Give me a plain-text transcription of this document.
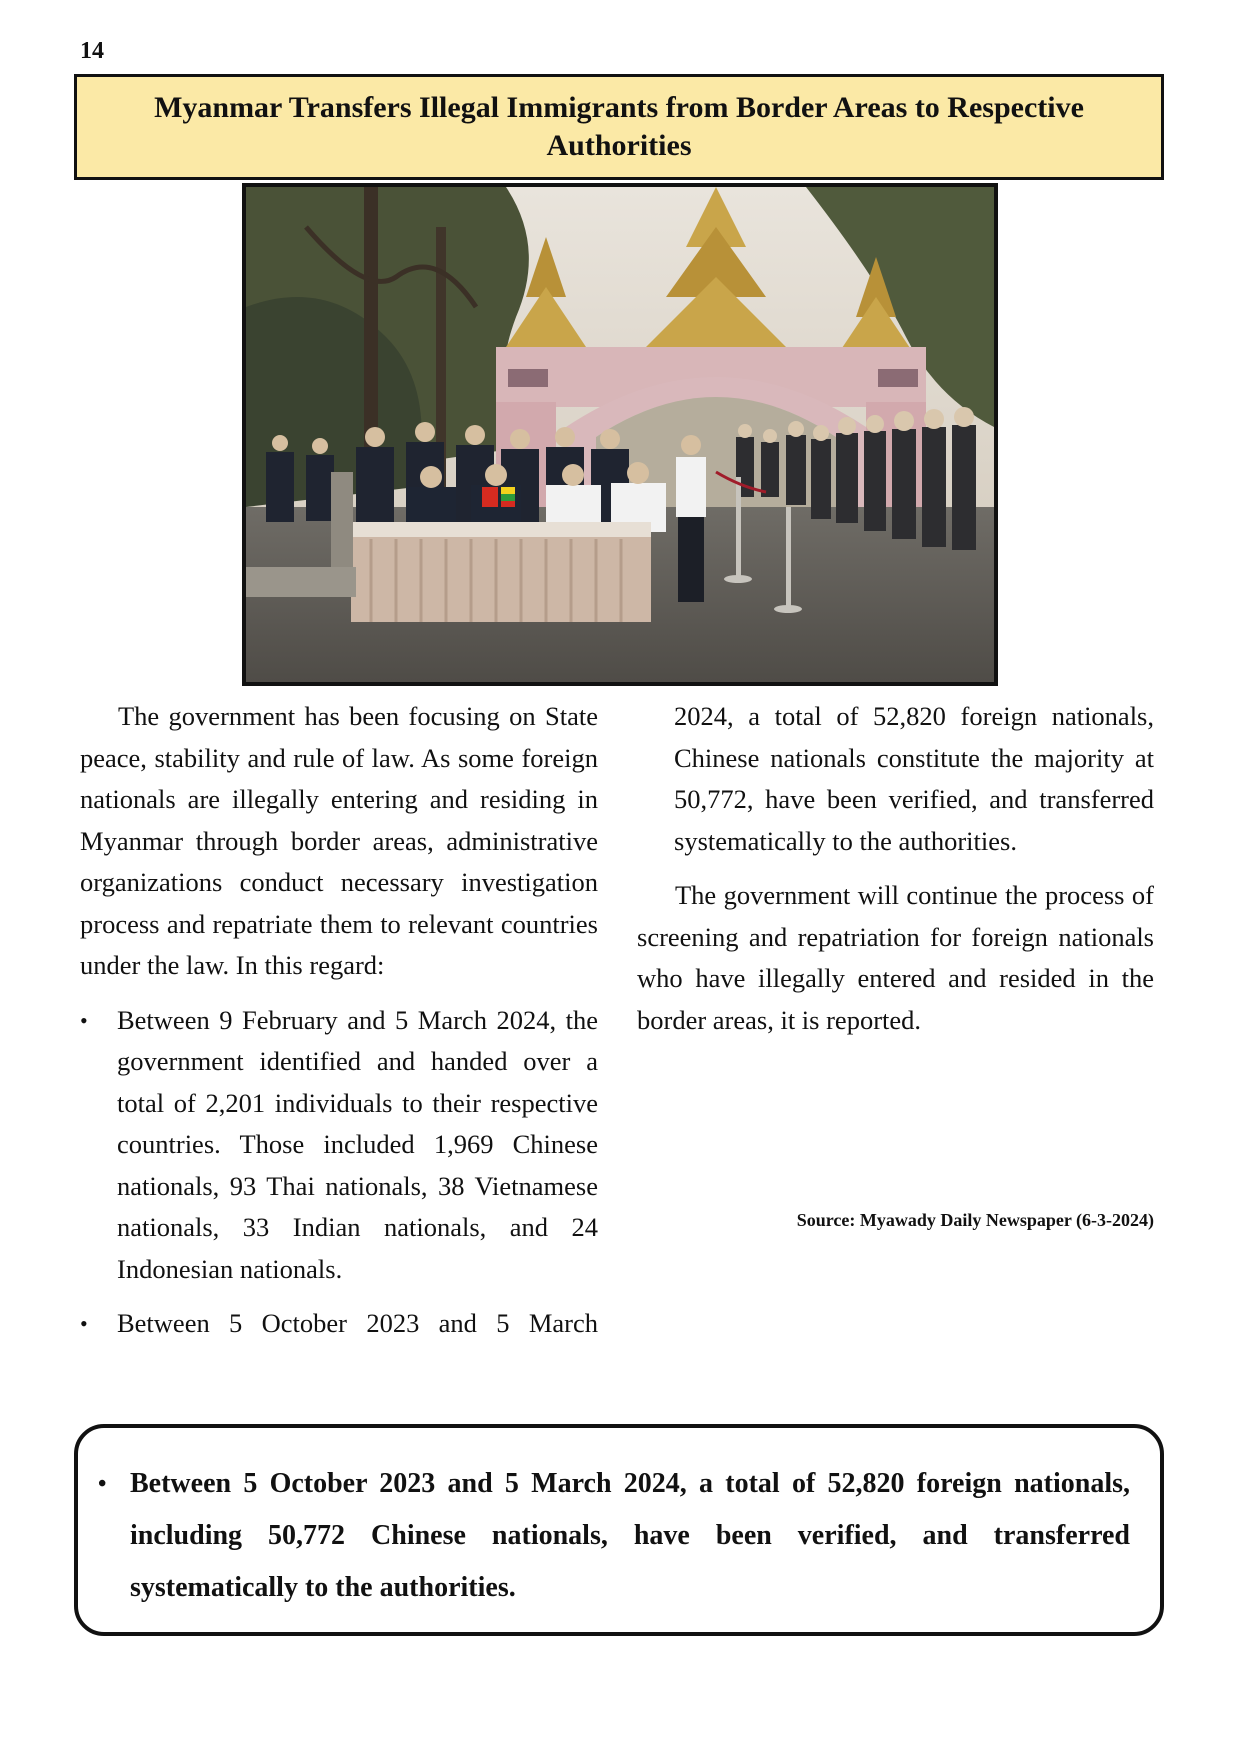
14
Myanmar Transfers Illegal Immigrants from Border Areas to Respective Authorities

The government has been focusing on State peace, stability and rule of law. As some foreign nationals are illegally entering and residing in Myanmar through border areas, administrative organizations conduct necessary investigation process and repatriate them to relevant countries under the law. In this regard:

•	Between 9 February and 5 March 2024, the government identified and handed over a total of 2,201 individuals to their respective countries. Those included 1,969 Chinese nationals, 93 Thai nationals, 38 Vietnamese nationals, 33 Indian nationals, and 24 Indonesian nationals.
•	Between 5 October 2023 and 5 March

2024, a total of 52,820 foreign nationals, Chinese nationals constitute the majority at 50,772, have been verified, and transferred systematically to the authorities.

The government will continue the process of screening and repatriation for foreign nationals who have illegally entered and resided in the border areas, it is reported.

Source: Myawady Daily Newspaper (6-3-2024)
• Between 5 October 2023 and 5 March 2024, a total of 52,820 foreign nationals, including 50,772 Chinese nationals, have been verified, and transferred systematically to the authorities.
